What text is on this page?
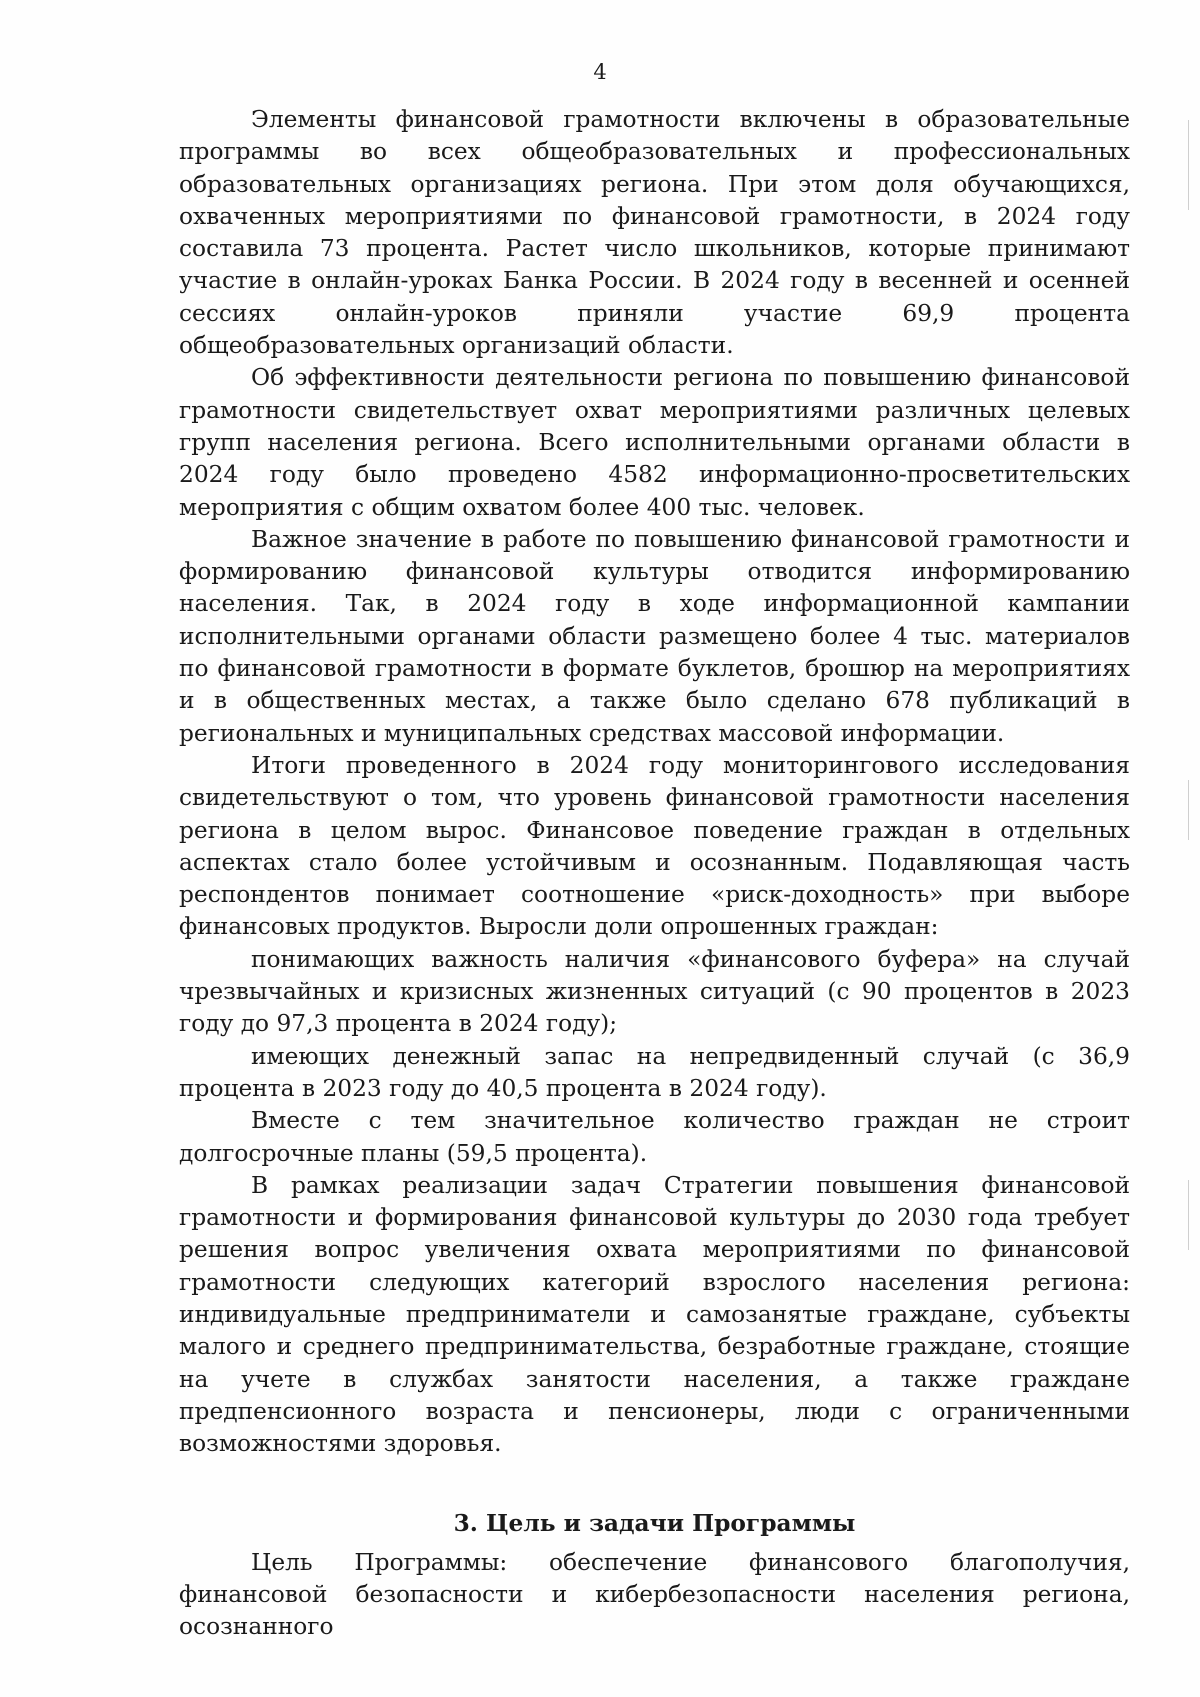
4

Элементы финансовой грамотности включены в образовательные программы во всех общеобразовательных и профессиональных образовательных организациях региона. При этом доля обучающихся, охваченных мероприятиями по финансовой грамотности, в 2024 году составила 73 процента. Растет число школьников, которые принимают участие в онлайн-уроках Банка России. В 2024 году в весенней и осенней сессиях онлайн-уроков приняли участие 69,9 процента общеобразовательных организаций области.

Об эффективности деятельности региона по повышению финансовой грамотности свидетельствует охват мероприятиями различных целевых групп населения региона. Всего исполнительными органами области в 2024 году было проведено 4582 информационно-просветительских мероприятия с общим охватом более 400 тыс. человек.

Важное значение в работе по повышению финансовой грамотности и формированию финансовой культуры отводится информированию населения. Так, в 2024 году в ходе информационной кампании исполнительными органами области размещено более 4 тыс. материалов по финансовой грамотности в формате буклетов, брошюр на мероприятиях и в общественных местах, а также было сделано 678 публикаций в региональных и муниципальных средствах массовой информации.

Итоги проведенного в 2024 году мониторингового исследования свидетельствуют о том, что уровень финансовой грамотности населения региона в целом вырос. Финансовое поведение граждан в отдельных аспектах стало более устойчивым и осознанным. Подавляющая часть респондентов понимает соотношение «риск-доходность» при выборе финансовых продуктов. Выросли доли опрошенных граждан:

понимающих важность наличия «финансового буфера» на случай чрезвычайных и кризисных жизненных ситуаций (с 90 процентов в 2023 году до 97,3 процента в 2024 году);

имеющих денежный запас на непредвиденный случай (с 36,9 процента в 2023 году до 40,5 процента в 2024 году).

Вместе с тем значительное количество граждан не строит долгосрочные планы (59,5 процента).

В рамках реализации задач Стратегии повышения финансовой грамотности и формирования финансовой культуры до 2030 года требует решения вопрос увеличения охвата мероприятиями по финансовой грамотности следующих категорий взрослого населения региона: индивидуальные предприниматели и самозанятые граждане, субъекты малого и среднего предпринимательства, безработные граждане, стоящие на учете в службах занятости населения, а также граждане предпенсионного возраста и пенсионеры, люди с ограниченными возможностями здоровья.

3. Цель и задачи Программы

Цель Программы: обеспечение финансового благополучия, финансовой безопасности и кибербезопасности населения региона, осознанного
